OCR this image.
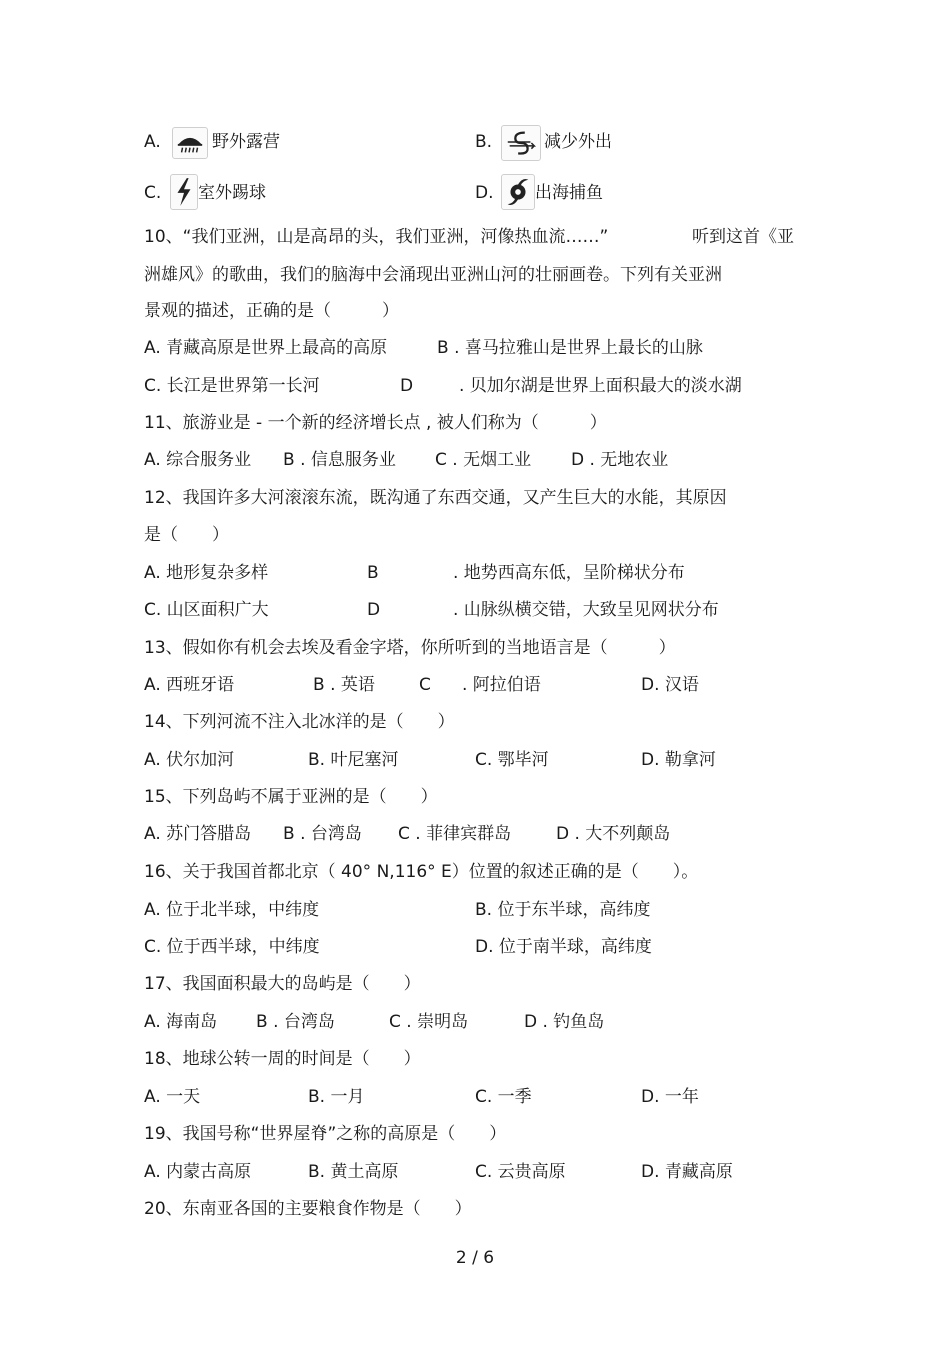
A.	野外露营	B.	减少外出
C. 室外踢球	D. 出海捕鱼
10、“我们亚洲，山是高昂的头，我们亚洲，河像热血流……”	听到这首《亚
洲雄风》的歌曲，我们的脑海中会涌现出亚洲山河的壮丽画卷。下列有关亚洲
景观的描述，正确的是（　　　）
A. 青藏高原是世界上最高的高原	B . 喜马拉雅山是世界上最长的山脉
C. 长江是世界第一长河	D	. 贝加尔湖是世界上面积最大的淡水湖
11、旅游业是 - 一个新的经济增长点 , 被人们称为（　　　）
A. 综合服务业 B . 信息服务业 C . 无烟工业 D . 无地农业
12、我国许多大河滚滚东流，既沟通了东西交通，又产生巨大的水能，其原因
是（　　）
A. 地形复杂多样	B	. 地势西高东低，呈阶梯状分布
C. 山区面积广大	D	. 山脉纵横交错，大致呈见网状分布
13、假如你有机会去埃及看金字塔，你所听到的当地语言是（　　　）
A. 西班牙语	B . 英语	C . 阿拉伯语	D. 汉语
14、下列河流不注入北冰洋的是（　　）
A. 伏尔加河	B. 叶尼塞河	C. 鄂毕河	D. 勒拿河
15、下列岛屿不属于亚洲的是（　　）
A. 苏门答腊岛 B . 台湾岛 C . 菲律宾群岛	D . 大不列颠岛
16、关于我国首都北京（ 40° N,116° E）位置的叙述正确的是（　　）。
A. 位于北半球，中纬度	B. 位于东半球，高纬度
C. 位于西半球，中纬度	D. 位于南半球，高纬度
17、我国面积最大的岛屿是（　　）
A. 海南岛 B . 台湾岛	C . 崇明岛	D . 钓鱼岛
18、地球公转一周的时间是（　　）
A. 一天	B. 一月	C. 一季	D. 一年
19、我国号称“世界屋脊”之称的高原是（　　）
A. 内蒙古高原	B. 黄土高原	C. 云贵高原	D. 青藏高原
20、东南亚各国的主要粮食作物是（　　）
2 / 6
